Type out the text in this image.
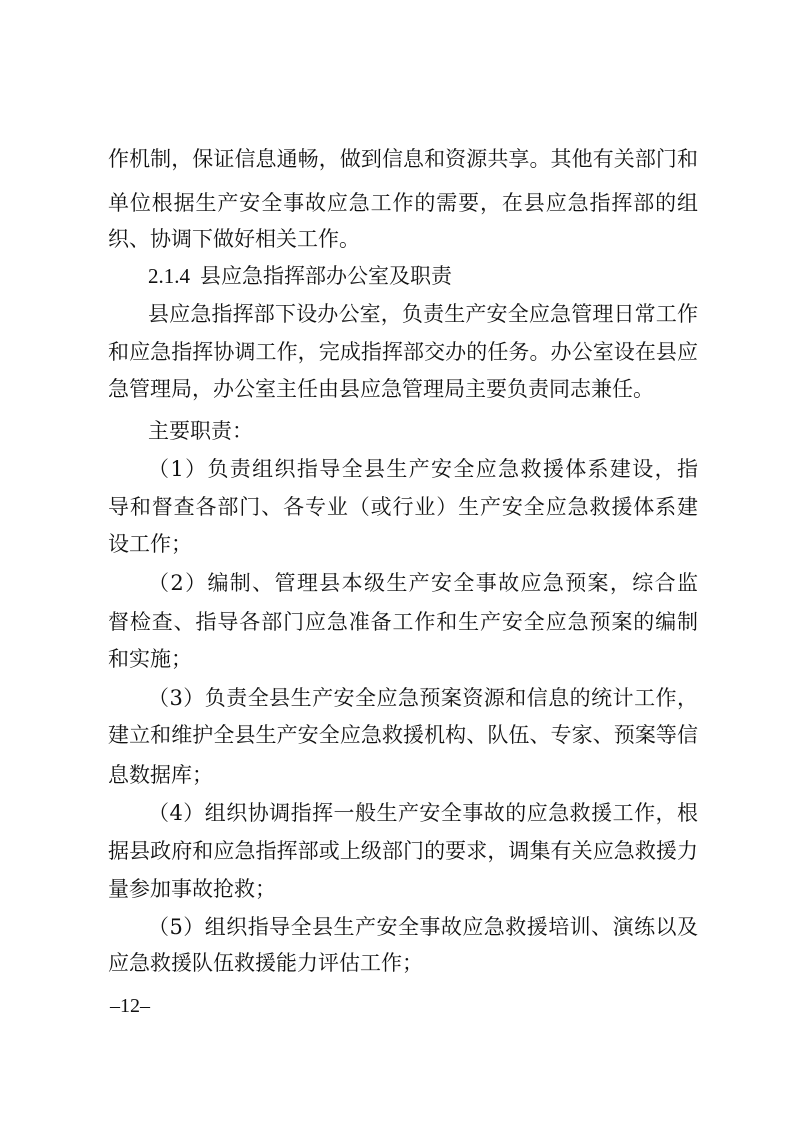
作机制，保证信息通畅，做到信息和资源共享。其他有关部门和
单位根据生产安全事故应急工作的需要，在县应急指挥部的组
织、协调下做好相关工作。
2.1.4 县应急指挥部办公室及职责
县应急指挥部下设办公室，负责生产安全应急管理日常工作
和应急指挥协调工作，完成指挥部交办的任务。办公室设在县应
急管理局，办公室主任由县应急管理局主要负责同志兼任。
主要职责：
（1）负责组织指导全县生产安全应急救援体系建设，指
导和督查各部门、各专业（或行业）生产安全应急救援体系建
设工作；
（2）编制、管理县本级生产安全事故应急预案，综合监
督检查、指导各部门应急准备工作和生产安全应急预案的编制
和实施；
（3）负责全县生产安全应急预案资源和信息的统计工作，
建立和维护全县生产安全应急救援机构、队伍、专家、预案等信
息数据库；
（4）组织协调指挥一般生产安全事故的应急救援工作，根
据县政府和应急指挥部或上级部门的要求，调集有关应急救援力
量参加事故抢救；
（5）组织指导全县生产安全事故应急救援培训、演练以及
应急救援队伍救援能力评估工作；
–12–
